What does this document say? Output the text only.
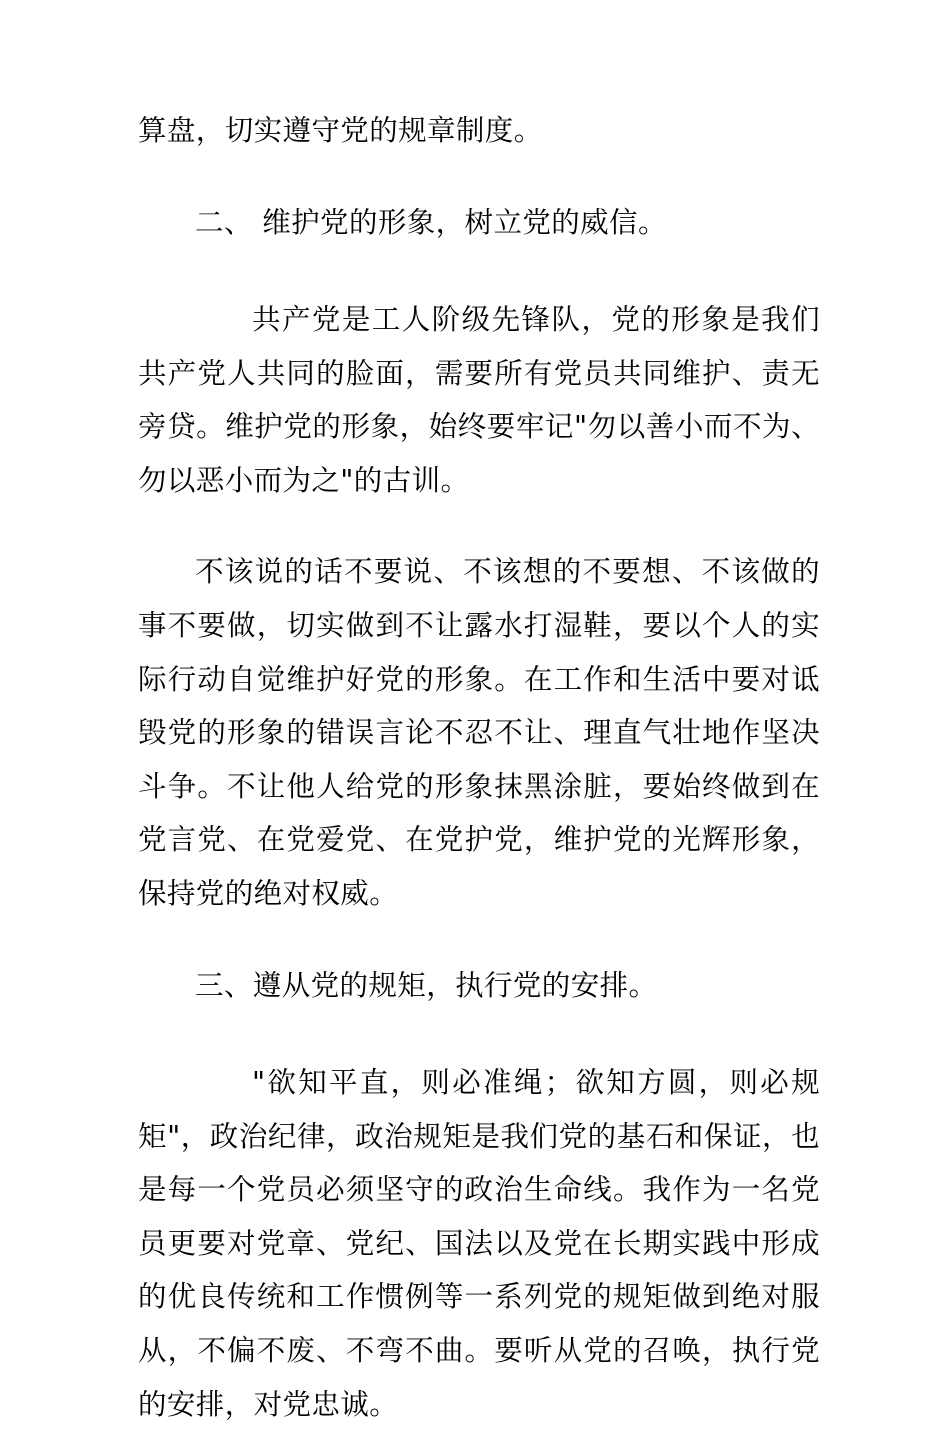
算盘，切实遵守党的规章制度。

二、 维护党的形象，树立党的威信。

共产党是工人阶级先锋队，党的形象是我们共产党人共同的脸面，需要所有党员共同维护、责无旁贷。维护党的形象，始终要牢记"勿以善小而不为、勿以恶小而为之"的古训。

不该说的话不要说、不该想的不要想、不该做的事不要做，切实做到不让露水打湿鞋，要以个人的实际行动自觉维护好党的形象。在工作和生活中要对诋毁党的形象的错误言论不忍不让、理直气壮地作坚决斗争。不让他人给党的形象抹黑涂脏，要始终做到在党言党、在党爱党、在党护党，维护党的光辉形象，保持党的绝对权威。

三、遵从党的规矩，执行党的安排。

"欲知平直，则必准绳；欲知方圆，则必规矩"，政治纪律，政治规矩是我们党的基石和保证，也是每一个党员必须坚守的政治生命线。我作为一名党员更要对党章、党纪、国法以及党在长期实践中形成的优良传统和工作惯例等一系列党的规矩做到绝对服从，不偏不废、不弯不曲。要听从党的召唤，执行党的安排，对党忠诚。
